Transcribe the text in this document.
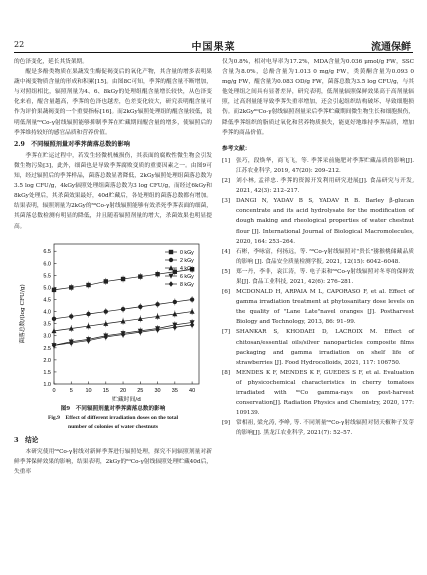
22	中国果菜	流通保鲜

的色泽变化，延长其货架期。

醌是多酚类物质在果蔬发生酶促褐变后的氧化产物，其含量的增多表明果蔬中褐变物质含量的形成和积累[15]。由图8C可知，季荠的醌含量不断增加，与对照组相比，辐照剂量为4、6、8kGy的处理组醌含量增长较快，从色泽变化来看，醌含量越高，季荠的色泽也越差，色差变化较大，研究表明醌含量可作为评价果蔬褐变的一个重要指标[16]。而2kGy辐照处理组的醌含量较低，说明低剂量⁶⁰Co-γ射线辐照能够抑制季荠在贮藏期间醌含量的增多，使辐照后的季荠维持较好的感官品质和营养价值。

2.9　不同辐照剂量对季荠菌落总数的影响

季荠在贮运过程中，若发生轻微机械损伤，其表面的腐败性微生物会引发微生物污染[3]，此外，细菌也是导致季荠腐败变质的重要因素之一。由图9可知，经过辐照后的季荠样品，菌落总数显著降低，2kGy辐照处理组菌落总数为3.5 log CFU/g，4kGy辐照处理组菌落总数为3 log CFU/g，而经过6kGy和8kGy处理后，其杀菌效果最好，40d贮藏后，各处理组的菌落总数都有增加。结果表明，辐照剂量为2kGy的⁶⁰Co-γ射线辐照能够有效杀死季荠表面的细菌，其菌落总数检测有明显的降低，并且随着辐照剂量的增大，杀菌效果也明显提高。

1.0
1.5
2.0
2.5
3.0
3.5
4.0
4.5
5.0
5.5
6.0
6.5
0	5 10 15 20 25 30 35 40
贮藏时间/d
菌落总数/(log CFU/g)
0 kGy
2 kGy
4 kGy
6 kGy
8 kGy
图9　不同辐照剂量对季荠菌落总数的影响
Fig.9　Effect of different irradiation doses on the total
number of colonies of water chestnuts

3　结论

本研究使用⁶⁰Co-γ射线对新鲜季荠进行辐照处理，探究不同辐照剂量对新鲜季荠保鲜效果的影响，结果表明，2kGy的⁶⁰Co-γ射线辐照处理贮藏40d后，失重率

仅为0.8%，相对电导率为17.2%，MDA含量为0.036 μmol/g FW，SSC含量为8.0%，总酚含量为1.013 0 mg/g FW，类黄酮含量为0.093 0 mg/g FW，醌含量为0.083 OD/g FW，菌落总数为3.5 log CFU/g，与其他处理组之间具有显著差异，研究表明，低剂量辐照保鲜效果高于高剂量辐照，过高剂量能导致季荠失重率增加，还会引起组织结构破坏、导致细胞损伤。而2kGy⁶⁰Co-γ射线辐照剂量采后季荠贮藏期间微生物生长和细胞损伤，降低季荠组织的脂质过氧化和营养物质损失，能更好地维持季荠品质，增加季荠的商品价值。

参考文献：

[1]	张巧，段焕华，商飞飞，等. 季荠采前施肥对季荠贮藏品质的影响[J]. 江苏农业科学, 2019, 47(20): 209–212.
[2]	刘小林, 孟祥忠. 季荠的资源开发利用研究进展[J]. 食品研究与开发, 2021, 42(3): 212–217.
[3]	DANGI N, YADAV B S, YADAV R B. Barley β-glucan concentrate and its acid hydrolysate for the modification of dough making and rheological properties of water chestnut flour [J]. International Journal of Biological Macromolecules, 2020, 164: 253–264.
[4]	石彬，李咏富，何扬远，等. ⁶⁰Co-γ射线辐照对"贵长"猕猴桃储藏品质的影响 [J]. 食品安全质量检测学报, 2021, 12(15): 6042–6048.
[5]	郑一丹，李非，袁江涛，等. 电子束和⁶⁰Co-γ射线辐照对冬枣的保鲜效果[J]. 食品工业科技, 2021, 42(6): 276–281.
[6]	MCDONALD H, ARPAIA M L, CAPORASO F, et al. Effect of gamma irradiation treatment at phytosanitary dose levels on the quality of "Lane Late"navel oranges [J]. Postharvest Biology and Technology, 2013, 86: 91–99.
[7]	SHANKAR S, KHODAEI D, LACROIX M. Effect of chitosan/essential oils/silver nanoparticles composite films packaging and gamma irradiation on shelf life of strawberries [J]. Food Hydrocolloids, 2021, 117: 106750.
[8]	MENDES K F, MENDES K F, GUEDES S F, et al. Evaluation of physicochemical characteristics in cherry tomatoes irradiated with ⁶⁰Co gamma-rays on post-harvest conservation[J]. Radiation Physics and Chemistry, 2020, 177: 109139.
[9]	常相祖, 梁允涛, 李峥, 等. 不同剂量⁶⁰Co-γ射线辐照对韧天椒种子发芽的影响[J]. 黑龙江农业科学, 2021(7): 52–57.
